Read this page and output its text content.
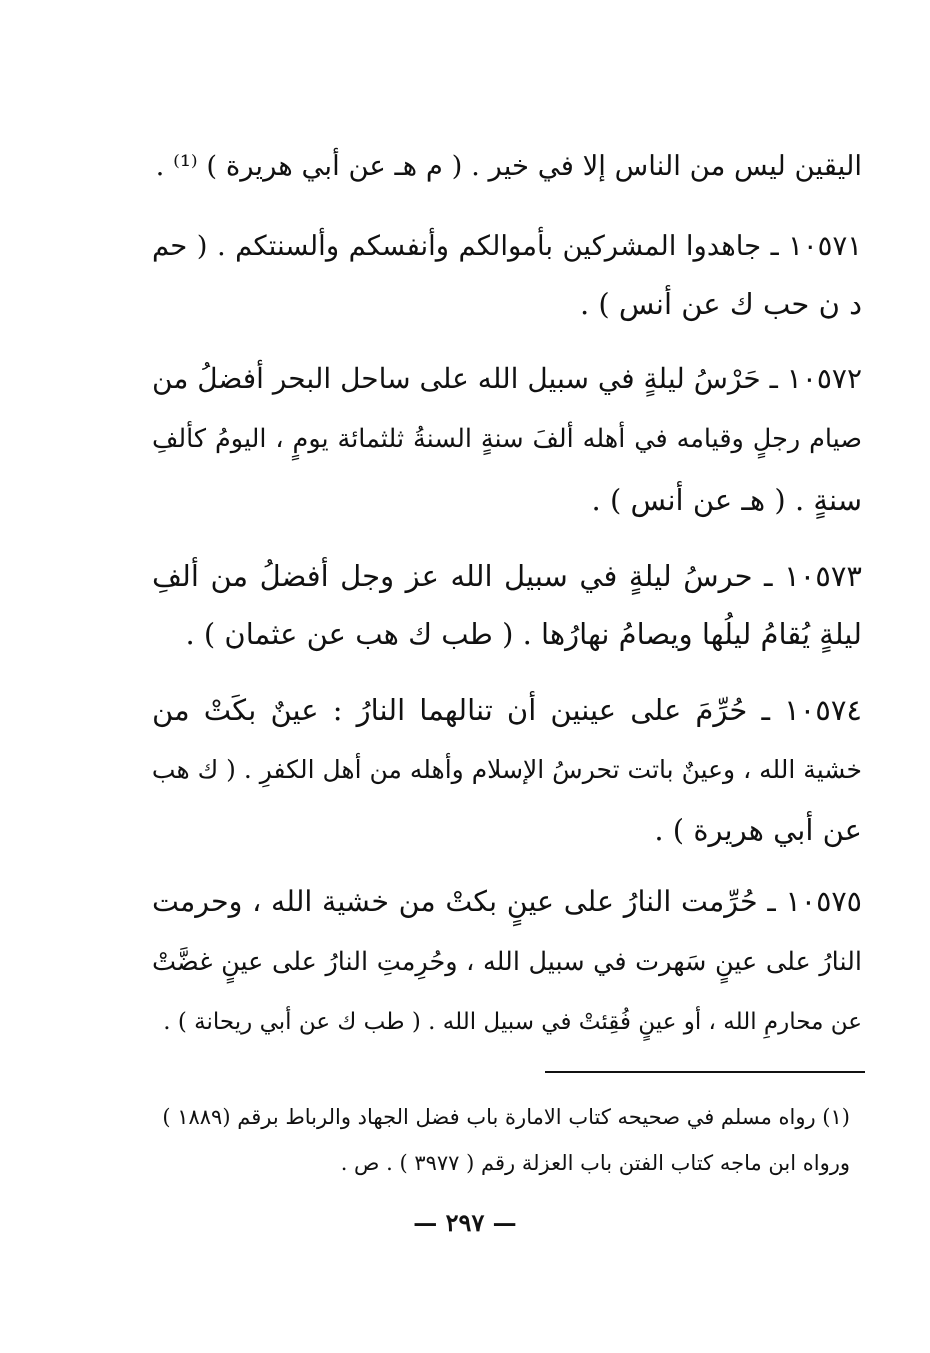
اليقين ليس من الناس إلا في خير . ( م هـ عن أبي هريرة ) ⁽¹⁾ .
١٠٥٧١ ـ جاهدوا المشركين بأموالكم وأنفسكم وألسنتكم . ( حم
د ن حب ك عن أنس ) .
١٠٥٧٢ ـ حَرْسُ ليلةٍ في سبيل الله على ساحل البحر أفضلُ من
صيام رجلٍ وقيامه في أهله ألفَ سنةٍ السنةُ ثلثمائة يومٍ ، اليومُ كألفِ
سنةٍ . ( هـ عن أنس ) .
١٠٥٧٣ ـ حرسُ ليلةٍ في سبيل الله عز وجل أفضلُ من ألفِ
ليلةٍ يُقامُ ليلُها ويصامُ نهارُها . ( طب ك هب عن عثمان ) .
١٠٥٧٤ ـ حُرِّمَ على عينين أن تنالهما النارُ : عينٌ بكَتْ من
خشية الله ، وعينٌ باتت تحرسُ الإسلام وأهله من أهل الكفرِ . ( ك هب
عن أبي هريرة ) .
١٠٥٧٥ ـ حُرِّمت النارُ على عينٍ بكتْ من خشية الله ، وحرمت
النارُ على عينٍ سَهرت في سبيل الله ، وحُرِمتِ النارُ على عينٍ غضَّتْ
عن محارمِ الله ، أو عينٍ فُقِئتْ في سبيل الله . ( طب ك عن أبي ريحانة ) .
(١) رواه مسلم في صحيحه كتاب الامارة باب فضل الجهاد والرباط برقم (١٨٨٩ )
ورواه ابن ماجه كتاب الفتن باب العزلة رقم ( ٣٩٧٧ ) . ص .
— ٢٩٧ —
